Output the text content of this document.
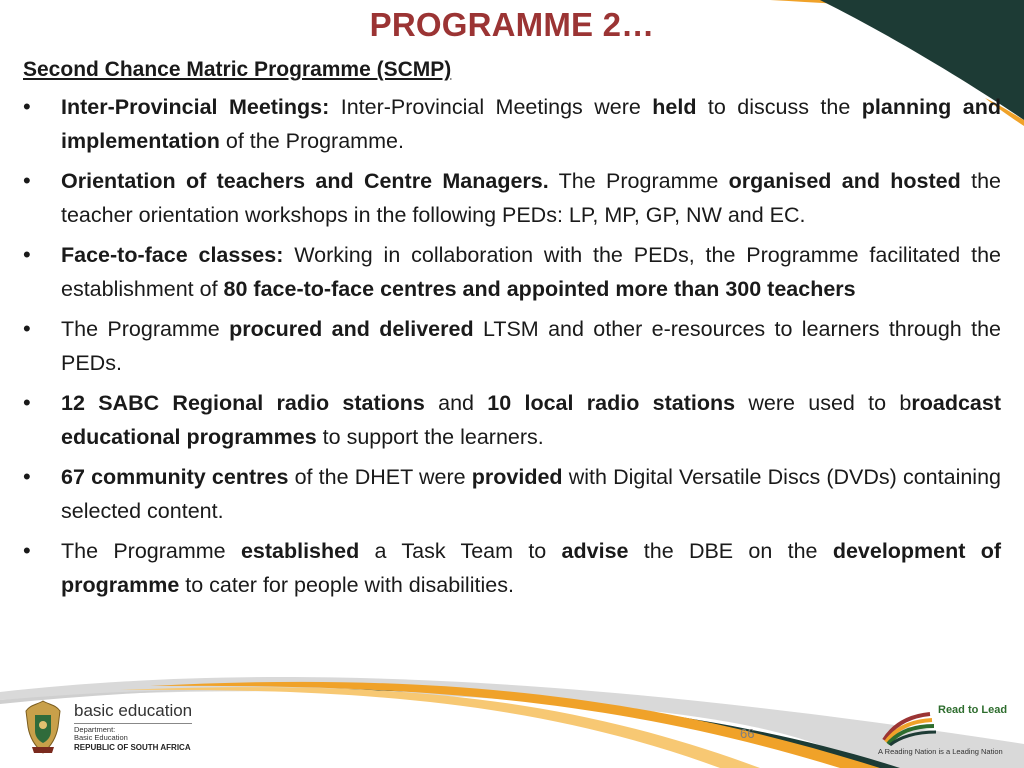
PROGRAMME 2…

Second Chance Matric Programme (SCMP)

• Inter-Provincial Meetings: Inter-Provincial Meetings were held to discuss the planning and implementation of the Programme.
• Orientation of teachers and Centre Managers. The Programme organised and hosted the teacher orientation workshops in the following PEDs: LP, MP, GP, NW and EC.
• Face-to-face classes: Working in collaboration with the PEDs, the Programme facilitated the establishment of 80 face-to-face centres and appointed more than 300 teachers
• The Programme procured and delivered LTSM and other e-resources to learners through the PEDs.
• 12 SABC Regional radio stations and 10 local radio stations were used to broadcast educational programmes to support the learners.
• 67 community centres of the DHET were provided with Digital Versatile Discs (DVDs) containing selected content.
• The Programme established a Task Team to advise the DBE on the development of programme to cater for people with disabilities.
basic education
Department:
Basic Education
REPUBLIC OF SOUTH AFRICA
66
Read to Lead
A Reading Nation is a Leading Nation
